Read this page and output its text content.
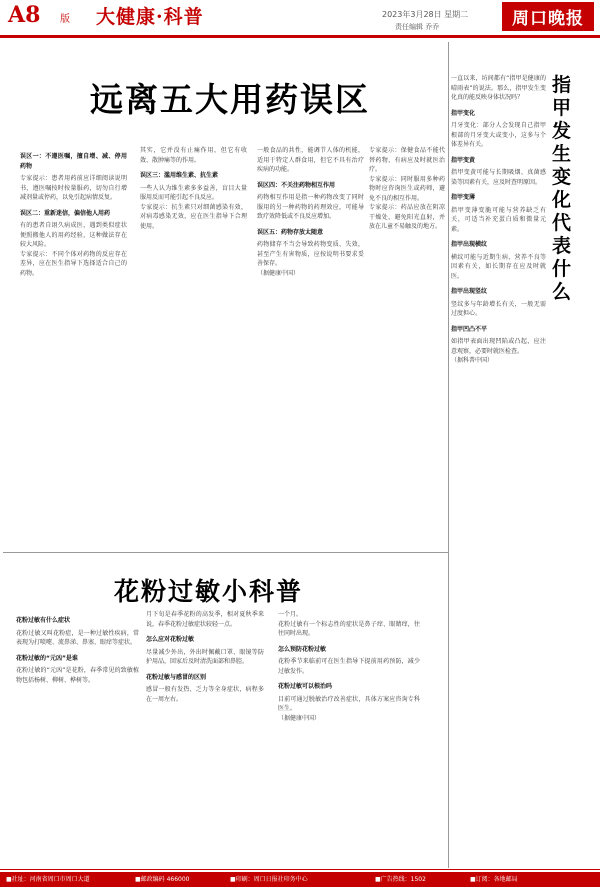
A8 版 大健康·科普	2023年3月28日 星期二
责任编辑 乔乔	周口晚报
远离五大用药误区
误区一：不遵医嘱，擅自增、减、停用药物
专家提示：患者用药前应详细阅读说明书，遵医嘱按时按量服药，切勿自行增减剂量或停药，以免引起病情反复。
误区二：重新迷信，偏信他人用药
有的患者自诩久病成医，遇到类似症状便照搬他人的用药经验，这种做法存在较大风险。
专家提示：不同个体对药物的反应存在差异，应在医生指导下选择适合自己的药物。
其实，它并没有止痛作用，但它有收敛、散肿痛等的作用。
误区三：滥用维生素、抗生素
一些人认为维生素多多益善，盲目大量服用反而可能引起不良反应。
专家提示：抗生素只对细菌感染有效，对病毒感染无效，应在医生指导下合理使用。
一般食品的共性，能调节人体的机能，适用于特定人群食用，但它不具有治疗疾病的功能。
误区四：不关注药物相互作用
药物相互作用是指一种药物改变了同时服用的另一种药物的药理效应，可能导致疗效降低或不良反应增加。
误区五：药物存放太随意
药物储存不当会导致药物变质、失效，甚至产生有害物质，应按说明书要求妥善保存。
（据健康中国）
专家提示：保健食品不能代替药物，有病应及时就医治疗。
专家提示：同时服用多种药物时应咨询医生或药师，避免不良的相互作用。
专家提示：药品应放在阴凉干燥处，避免阳光直射，并放在儿童不易触及的地方。
花粉过敏小科普
花粉过敏有什么症状
花粉过敏又叫花粉症，是一种过敏性疾病，常表现为打喷嚏、流鼻涕、鼻塞、眼痒等症状。
花粉过敏的“元凶”是谁
花粉过敏的“元凶”是花粉，春季常见的致敏植物包括杨树、柳树、桦树等。
月下旬是春季花粉的高发季，相对夏秋季来说，春季花粉过敏症状较轻一点。
怎么应对花粉过敏
尽量减少外出，外出时佩戴口罩、眼镜等防护用品，回家后及时清洗面部和鼻腔。
花粉过敏与感冒的区别
感冒一般有发热、乏力等全身症状，病程多在一周左右。
一个月。
花粉过敏有一个标志性的症状是鼻子痒、眼睛痒，往往同时出现。
怎么预防花粉过敏
花粉季节来临前可在医生指导下提前用药预防，减少过敏发作。
花粉过敏可以根治吗
目前可通过脱敏治疗改善症状，具体方案应咨询专科医生。
（据健康中国）
指甲发生变化代表什么
一直以来，坊间都有“指甲是健康的晴雨表”的说法。那么，指甲发生变化真的能反映身体状况吗？
指甲变化
月牙变化：部分人会发现自己指甲根部的月牙变大或变小，这多与个体差异有关。
指甲变黄
指甲变黄可能与长期吸烟、真菌感染等因素有关，应及时查明原因。
指甲变薄
指甲变薄变脆可能与营养缺乏有关，可适当补充蛋白质和微量元素。
指甲出现横纹
横纹可能与近期生病、营养不良等因素有关，如长期存在应及时就医。
指甲出现竖纹
竖纹多与年龄增长有关，一般无需过度担心。
指甲凹凸不平
如指甲表面出现凹陷或凸起，应注意观察，必要时就医检查。
（据科普中国）
■社址：河南省周口市周口大道	■邮政编码 466000	■印刷：周口日报社印务中心	■广告热线：1502	■订阅：各地邮局
